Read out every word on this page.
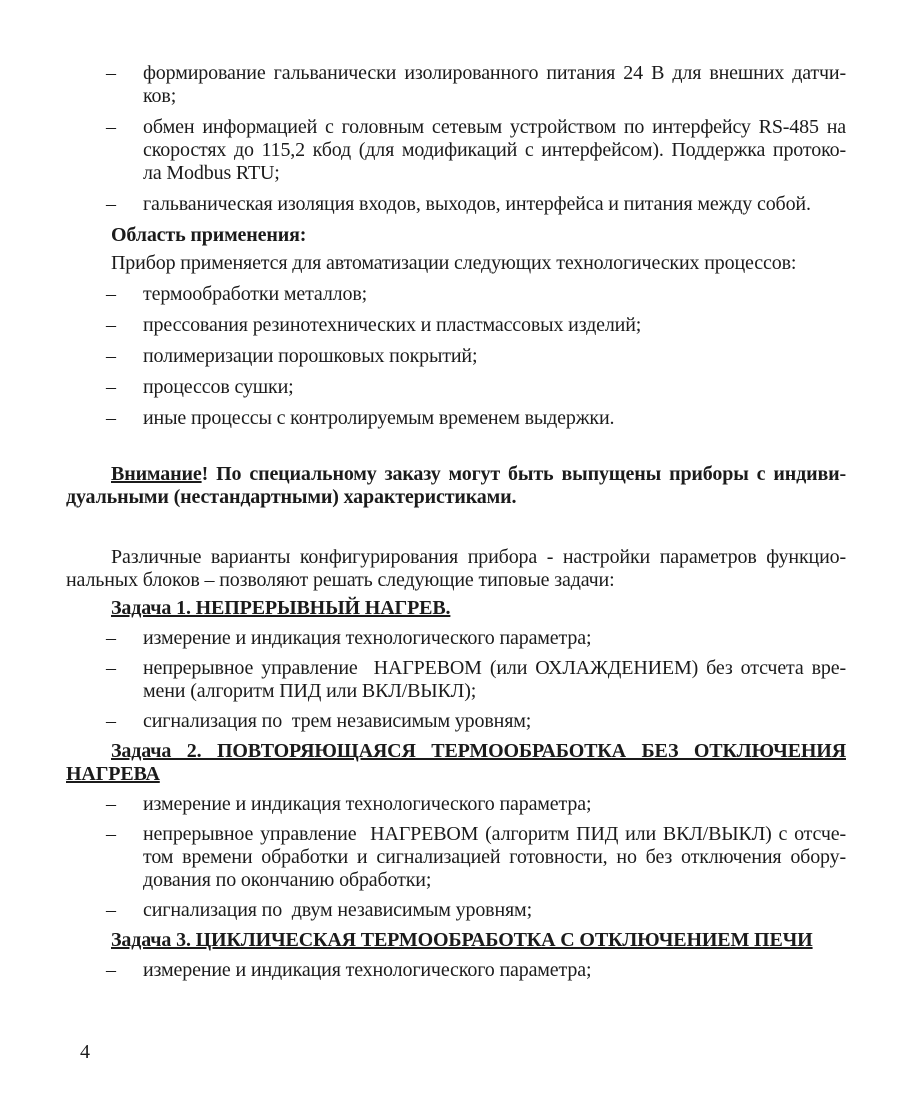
– формирование гальванически изолированного питания 24 В для внешних датчи-
ков;
– обмен информацией с головным сетевым устройством по интерфейсу RS-485 на
скоростях до 115,2 кбод (для модификаций с интерфейсом). Поддержка протоко-
ла Modbus RTU;
– гальваническая изоляция входов, выходов, интерфейса и питания между собой.
Область применения:
Прибор применяется для автоматизации следующих технологических процессов:
– термообработки металлов;
– прессования резинотехнических и пластмассовых изделий;
– полимеризации порошковых покрытий;
– процессов сушки;
– иные процессы с контролируемым временем выдержки.
Внимание! По специальному заказу могут быть выпущены приборы с индиви-
дуальными (нестандартными) характеристиками.
Различные варианты конфигурирования прибора - настройки параметров функцио-
нальных блоков – позволяют решать следующие типовые задачи:
Задача 1. НЕПРЕРЫВНЫЙ НАГРЕВ.
– измерение и индикация технологического параметра;
– непрерывное управление  НАГРЕВОМ (или ОХЛАЖДЕНИЕМ) без отсчета вре-
мени (алгоритм ПИД или ВКЛ/ВЫКЛ);
– сигнализация по  трем независимым уровням;
Задача 2. ПОВТОРЯЮЩАЯСЯ ТЕРМООБРАБОТКА БЕЗ ОТКЛЮЧЕНИЯ
НАГРЕВА
– измерение и индикация технологического параметра;
– непрерывное управление  НАГРЕВОМ (алгоритм ПИД или ВКЛ/ВЫКЛ) с отсче-
том времени обработки и сигнализацией готовности, но без отключения обору-
дования по окончанию обработки;
– сигнализация по  двум независимым уровням;
Задача 3. ЦИКЛИЧЕСКАЯ ТЕРМООБРАБОТКА С ОТКЛЮЧЕНИЕМ ПЕЧИ
– измерение и индикация технологического параметра;
4
